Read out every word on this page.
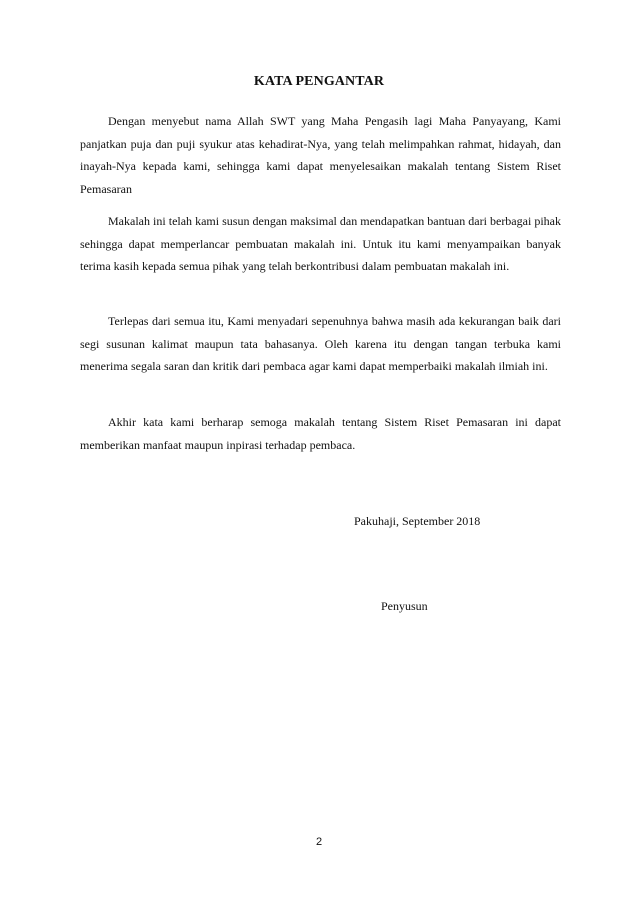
KATA PENGANTAR

Dengan menyebut nama Allah SWT yang Maha Pengasih lagi Maha Panyayang, Kami panjatkan puja dan puji syukur atas kehadirat-Nya, yang telah melimpahkan rahmat, hidayah, dan inayah-Nya kepada kami, sehingga kami dapat menyelesaikan makalah tentang Sistem Riset Pemasaran

Makalah ini telah kami susun dengan maksimal dan mendapatkan bantuan dari berbagai pihak sehingga dapat memperlancar pembuatan makalah ini. Untuk itu kami menyampaikan banyak terima kasih kepada semua pihak yang telah berkontribusi dalam pembuatan makalah ini.

Terlepas dari semua itu, Kami menyadari sepenuhnya bahwa masih ada kekurangan baik dari segi susunan kalimat maupun tata bahasanya. Oleh karena itu dengan tangan terbuka kami menerima segala saran dan kritik dari pembaca agar kami dapat memperbaiki makalah ilmiah ini.

Akhir kata kami berharap semoga makalah tentang Sistem Riset Pemasaran ini dapat memberikan manfaat maupun inpirasi terhadap pembaca.

Pakuhaji, September 2018
Penyusun
2
